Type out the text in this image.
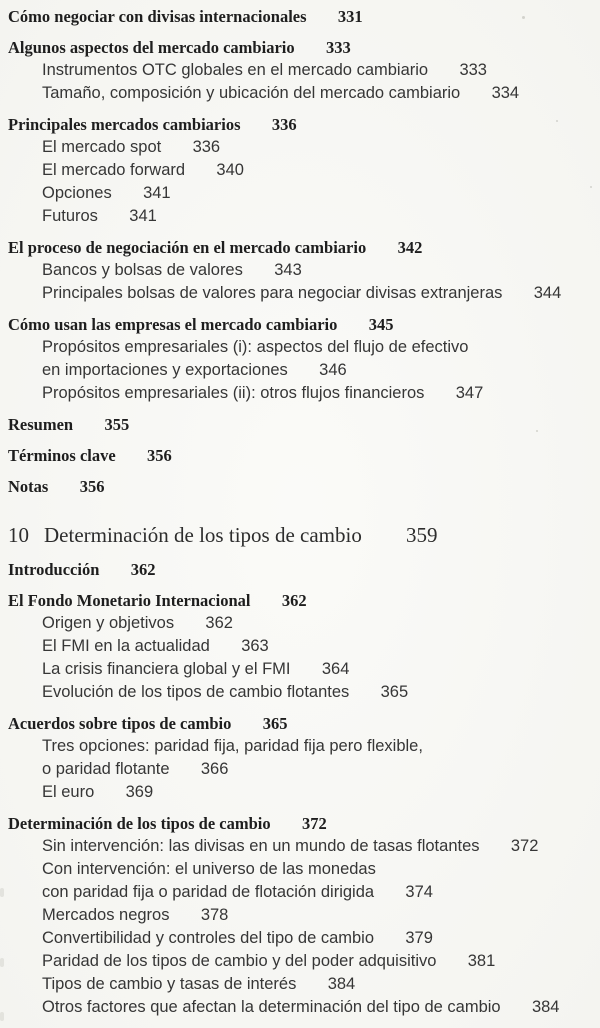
Cómo negociar con divisas internacionales 331
Algunos aspectos del mercado cambiario 333
Instrumentos OTC globales en el mercado cambiario 333
Tamaño, composición y ubicación del mercado cambiario 334
Principales mercados cambiarios 336
El mercado spot 336
El mercado forward 340
Opciones 341
Futuros 341
El proceso de negociación en el mercado cambiario 342
Bancos y bolsas de valores 343
Principales bolsas de valores para negociar divisas extranjeras 344
Cómo usan las empresas el mercado cambiario 345
Propósitos empresariales (i): aspectos del flujo de efectivo
en importaciones y exportaciones 346
Propósitos empresariales (ii): otros flujos financieros 347
Resumen 355
Términos clave 356
Notas 356
10 Determinación de los tipos de cambio 359
Introducción 362
El Fondo Monetario Internacional 362
Origen y objetivos 362
El FMI en la actualidad 363
La crisis financiera global y el FMI 364
Evolución de los tipos de cambio flotantes 365
Acuerdos sobre tipos de cambio 365
Tres opciones: paridad fija, paridad fija pero flexible,
o paridad flotante 366
El euro 369
Determinación de los tipos de cambio 372
Sin intervención: las divisas en un mundo de tasas flotantes 372
Con intervención: el universo de las monedas
con paridad fija o paridad de flotación dirigida 374
Mercados negros 378
Convertibilidad y controles del tipo de cambio 379
Paridad de los tipos de cambio y del poder adquisitivo 381
Tipos de cambio y tasas de interés 384
Otros factores que afectan la determinación del tipo de cambio 384
